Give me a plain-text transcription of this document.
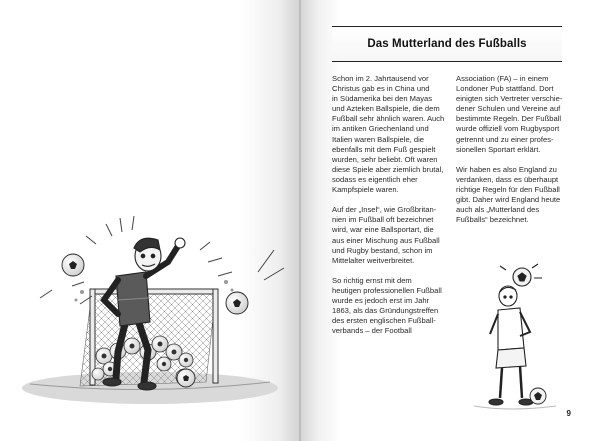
Das Mutterland des Fußballs

Schon im 2. Jahrtausend vor
Christus gab es in China und
in Südamerika bei den Mayas
und Azteken Ballspiele, die dem
Fußball sehr ähnlich waren. Auch
im antiken Griechenland und
Italien waren Ballspiele, die
ebenfalls mit dem Fuß gespielt
wurden, sehr beliebt. Oft waren
diese Spiele aber ziemlich brutal,
sodass es eigentlich eher
Kampfspiele waren.

Auf der „Insel“, wie Großbritan-
nien im Fußball oft bezeichnet
wird, war eine Ballsportart, die
aus einer Mischung aus Fußball
und Rugby bestand, schon im
Mittelalter weitverbreitet.

So richtig ernst mit dem
heutigen professionellen Fußball
wurde es jedoch erst im Jahr
1863, als das Gründungstreffen
des ersten englischen Fußball-
verbands – der Football

Association (FA) – in einem
Londoner Pub stattfand. Dort
einigten sich Vertreter verschie-
dener Schulen und Vereine auf
bestimmte Regeln. Der Fußball
wurde offiziell vom Rugbysport
getrennt und zu einer profes-
sionellen Sportart erklärt.

Wir haben es also England zu
verdanken, dass es überhaupt
richtige Regeln für den Fußball
gibt. Daher wird England heute
auch als „Mutterland des
Fußballs“ bezeichnet.

9
